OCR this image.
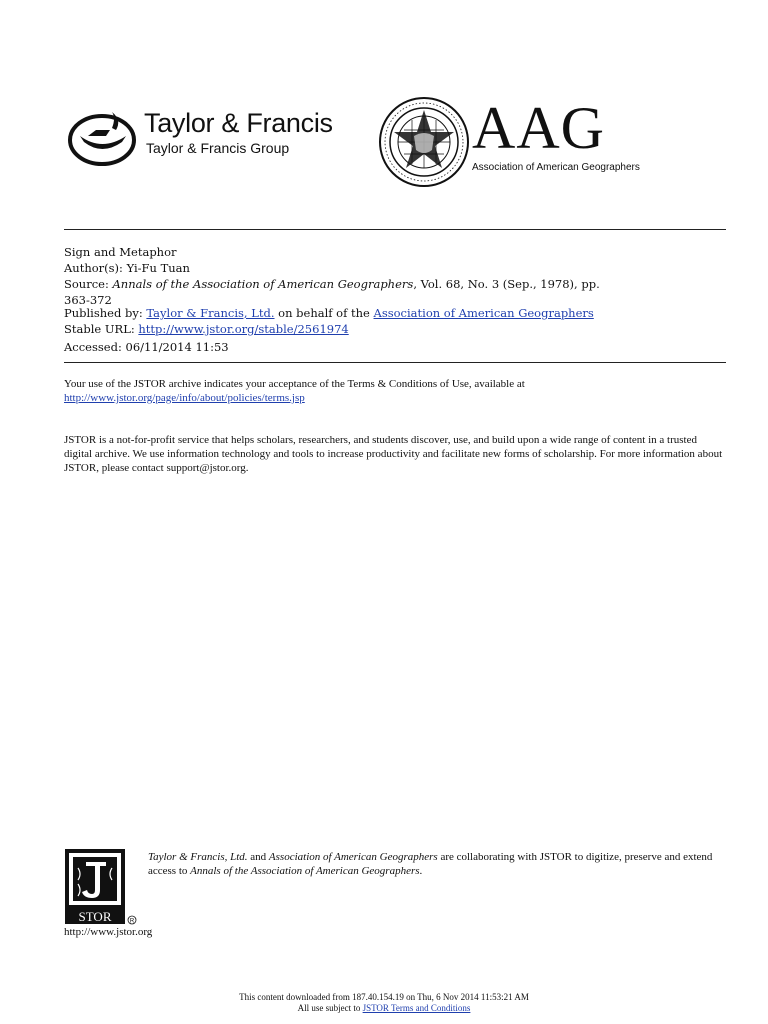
Taylor & Francis
Taylor & Francis Group	AAG
Association of American Geographers
Sign and Metaphor
Author(s): Yi-Fu Tuan
Source: Annals of the Association of American Geographers, Vol. 68, No. 3 (Sep., 1978), pp.
363-372
Published by: Taylor & Francis, Ltd. on behalf of the Association of American Geographers
Stable URL: http://www.jstor.org/stable/2561974
Accessed: 06/11/2014 11:53
Your use of the JSTOR archive indicates your acceptance of the Terms & Conditions of Use, available at
http://www.jstor.org/page/info/about/policies/terms.jsp
JSTOR is a not-for-profit service that helps scholars, researchers, and students discover, use, and build upon a wide range of content in a trusted digital archive. We use information technology and tools to increase productivity and facilitate new forms of scholarship. For more information about JSTOR, please contact support@jstor.org.
STOR	R
http://www.jstor.org
Taylor & Francis, Ltd. and Association of American Geographers are collaborating with JSTOR to digitize, preserve and extend access to Annals of the Association of American Geographers.
This content downloaded from 187.40.154.19 on Thu, 6 Nov 2014 11:53:21 AM
All use subject to JSTOR Terms and Conditions
